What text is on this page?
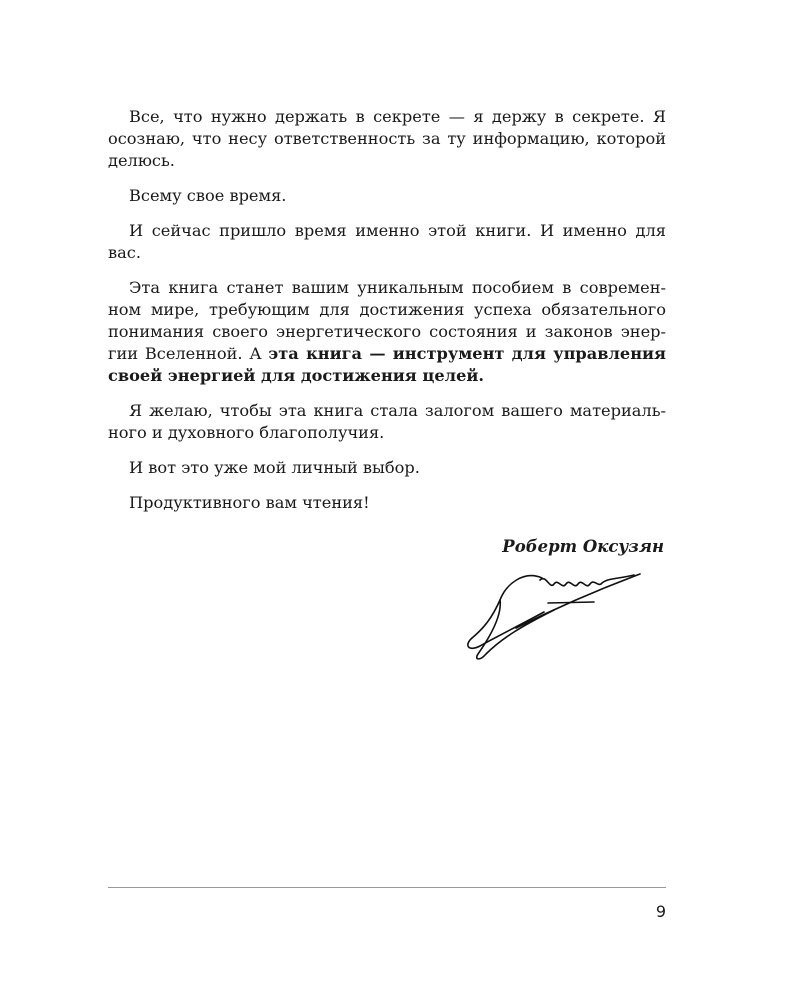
Все, что нужно держать в секрете — я держу в секрете. Я осознаю, что несу ответственность за ту информацию, которой делюсь.

Всему свое время.

И сейчас пришло время именно этой книги. И именно для вас.

Эта книга станет вашим уникальным пособием в современном мире, требующим для достижения успеха обязательного понимания своего энергетического состояния и законов энергии Вселенной. А эта книга — инструмент для управления своей энергией для достижения целей.

Я желаю, чтобы эта книга стала залогом вашего материального и духовного благополучия.

И вот это уже мой личный выбор.

Продуктивного вам чтения!

Роберт Оксузян
9
